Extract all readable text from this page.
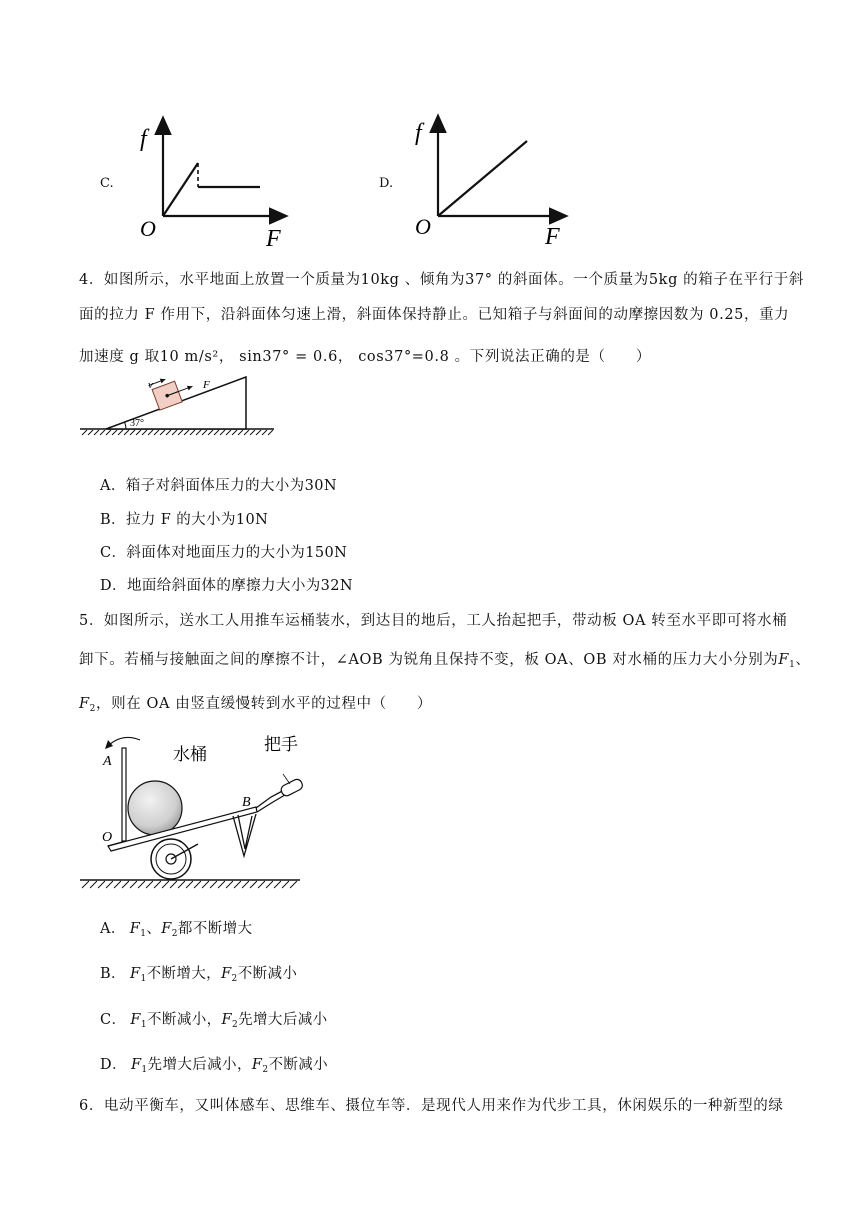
C.
f
O	F
D.
f
O	F
4．如图所示，水平地面上放置一个质量为10kg 、倾角为37° 的斜面体。一个质量为5kg 的箱子在平行于斜
面的拉力 F 作用下，沿斜面体匀速上滑，斜面体保持静止。已知箱子与斜面间的动摩擦因数为 0.25，重力
加速度 g 取10 m/s²， sin37° = 0.6， cos37°=0.8 。下列说法正确的是（　　）
37°
v	F
A．箱子对斜面体压力的大小为30N
B．拉力 F 的大小为10N
C．斜面体对地面压力的大小为150N
D．地面给斜面体的摩擦力大小为32N
5．如图所示，送水工人用推车运桶装水，到达目的地后，工人抬起把手，带动板 OA 转至水平即可将水桶
卸下。若桶与接触面之间的摩擦不计，∠AOB 为锐角且保持不变，板 OA、OB 对水桶的压力大小分别为$F_1$、
$F_2$，则在 OA 由竖直缓慢转到水平的过程中（　　）
水桶	把手
A
B
O
A． $F_1$、$F_2$都不断增大
B． $F_1$不断增大，$F_2$不断减小
C． $F_1$不断减小，$F_2$先增大后减小
D． $F_1$先增大后减小，$F_2$不断减小
6．电动平衡车，又叫体感车、思维车、摄位车等．是现代人用来作为代步工具，休闲娱乐的一种新型的绿
